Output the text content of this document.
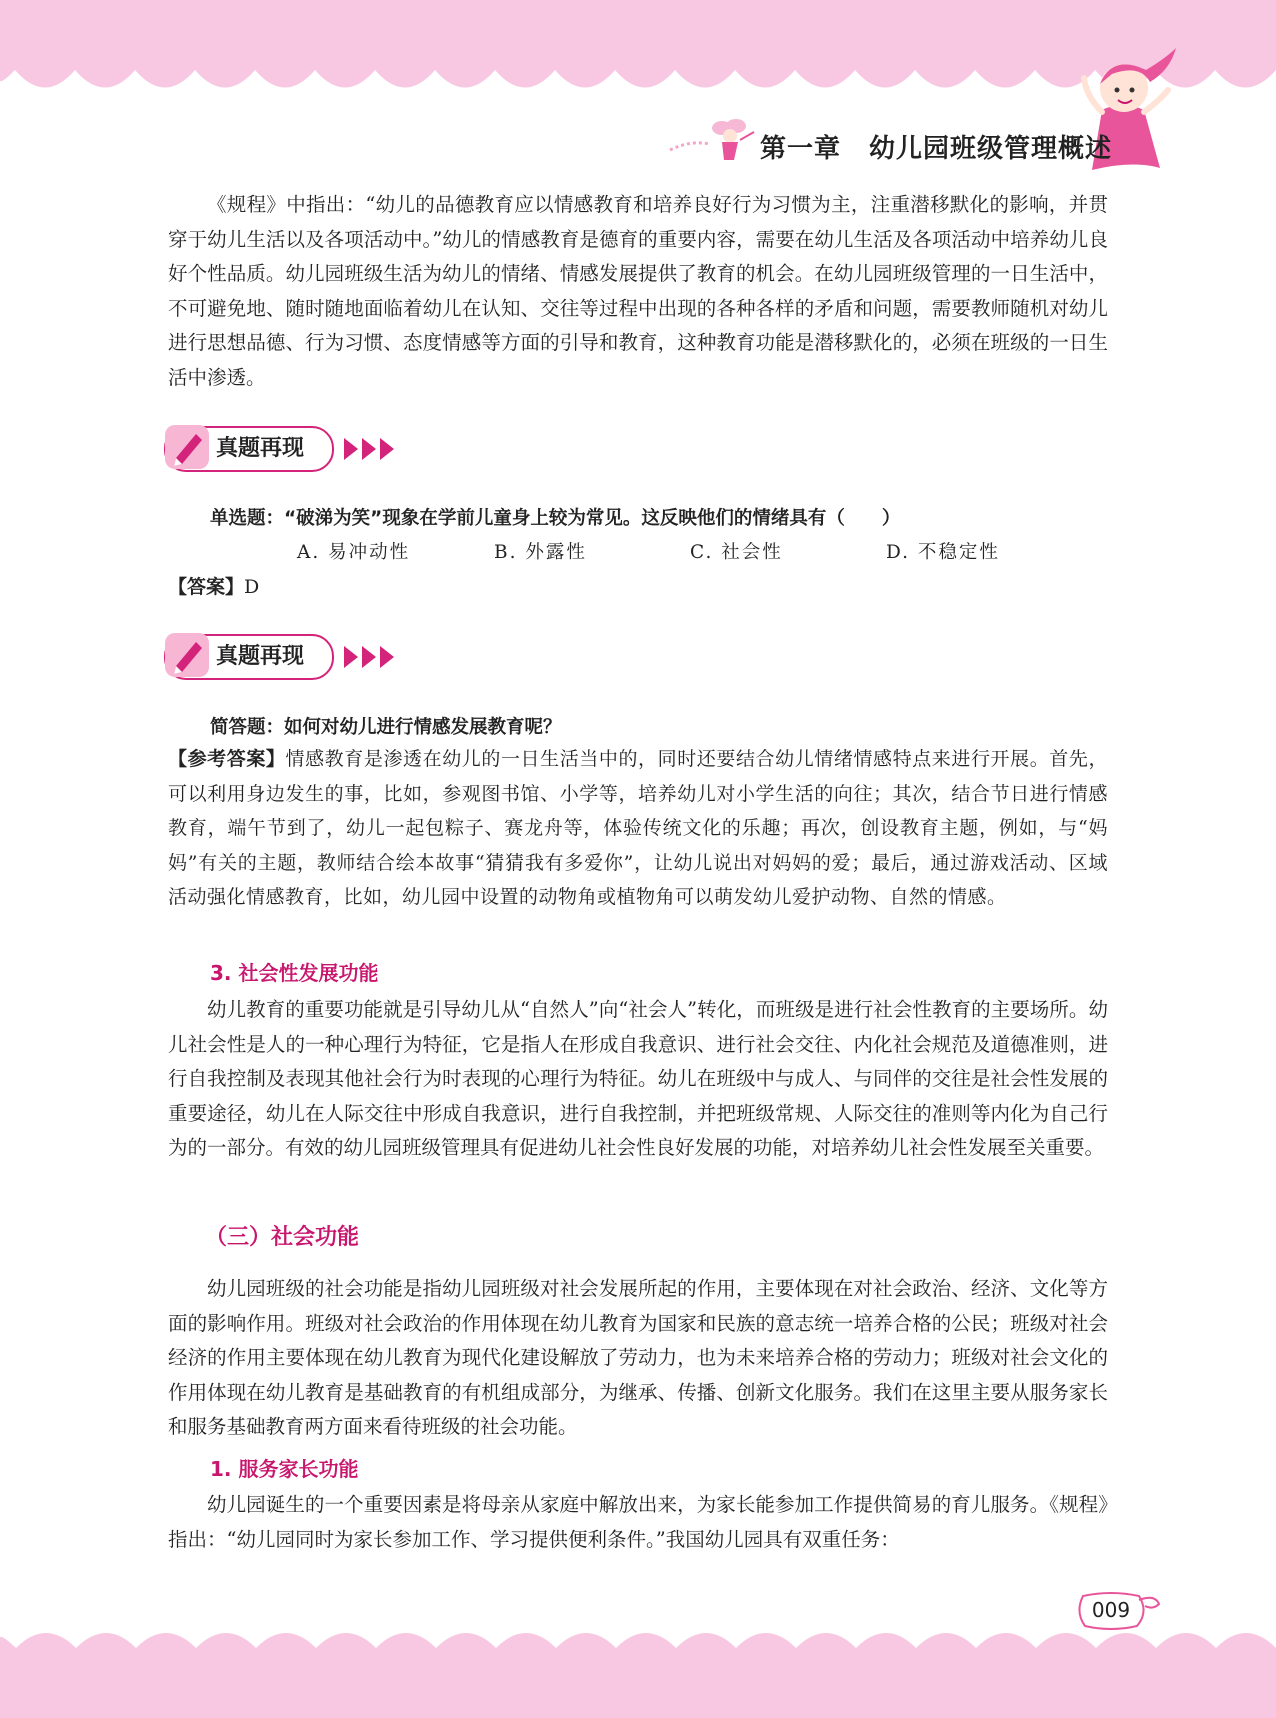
第一章 幼儿园班级管理概述

《规程》中指出：“幼儿的品德教育应以情感教育和培养良好行为习惯为主，注重潜移默化的影响，并贯穿于幼儿生活以及各项活动中。”幼儿的情感教育是德育的重要内容，需要在幼儿生活及各项活动中培养幼儿良好个性品质。幼儿园班级生活为幼儿的情绪、情感发展提供了教育的机会。在幼儿园班级管理的一日生活中，不可避免地、随时随地面临着幼儿在认知、交往等过程中出现的各种各样的矛盾和问题，需要教师随机对幼儿进行思想品德、行为习惯、态度情感等方面的引导和教育，这种教育功能是潜移默化的，必须在班级的一日生活中渗透。

真题再现
单选题：“破涕为笑”现象在学前儿童身上较为常见。这反映他们的情绪具有（　　）
A. 易冲动性	B. 外露性	C. 社会性	D. 不稳定性
【答案】D
真题再现
简答题：如何对幼儿进行情感发展教育呢？
【参考答案】情感教育是渗透在幼儿的一日生活当中的，同时还要结合幼儿情绪情感特点来进行开展。首先，可以利用身边发生的事，比如，参观图书馆、小学等，培养幼儿对小学生活的向往；其次，结合节日进行情感教育，端午节到了，幼儿一起包粽子、赛龙舟等，体验传统文化的乐趣；再次，创设教育主题，例如，与“妈妈”有关的主题，教师结合绘本故事“猜猜我有多爱你”，让幼儿说出对妈妈的爱；最后，通过游戏活动、区域活动强化情感教育，比如，幼儿园中设置的动物角或植物角可以萌发幼儿爱护动物、自然的情感。
3. 社会性发展功能

幼儿教育的重要功能就是引导幼儿从“自然人”向“社会人”转化，而班级是进行社会性教育的主要场所。幼儿社会性是人的一种心理行为特征，它是指人在形成自我意识、进行社会交往、内化社会规范及道德准则，进行自我控制及表现其他社会行为时表现的心理行为特征。幼儿在班级中与成人、与同伴的交往是社会性发展的重要途径，幼儿在人际交往中形成自我意识，进行自我控制，并把班级常规、人际交往的准则等内化为自己行为的一部分。有效的幼儿园班级管理具有促进幼儿社会性良好发展的功能，对培养幼儿社会性发展至关重要。

（三）社会功能

幼儿园班级的社会功能是指幼儿园班级对社会发展所起的作用，主要体现在对社会政治、经济、文化等方面的影响作用。班级对社会政治的作用体现在幼儿教育为国家和民族的意志统一培养合格的公民；班级对社会经济的作用主要体现在幼儿教育为现代化建设解放了劳动力，也为未来培养合格的劳动力；班级对社会文化的作用体现在幼儿教育是基础教育的有机组成部分，为继承、传播、创新文化服务。我们在这里主要从服务家长和服务基础教育两方面来看待班级的社会功能。

1. 服务家长功能

幼儿园诞生的一个重要因素是将母亲从家庭中解放出来，为家长能参加工作提供简易的育儿服务。《规程》指出：“幼儿园同时为家长参加工作、学习提供便利条件。”我国幼儿园具有双重任务：

009
